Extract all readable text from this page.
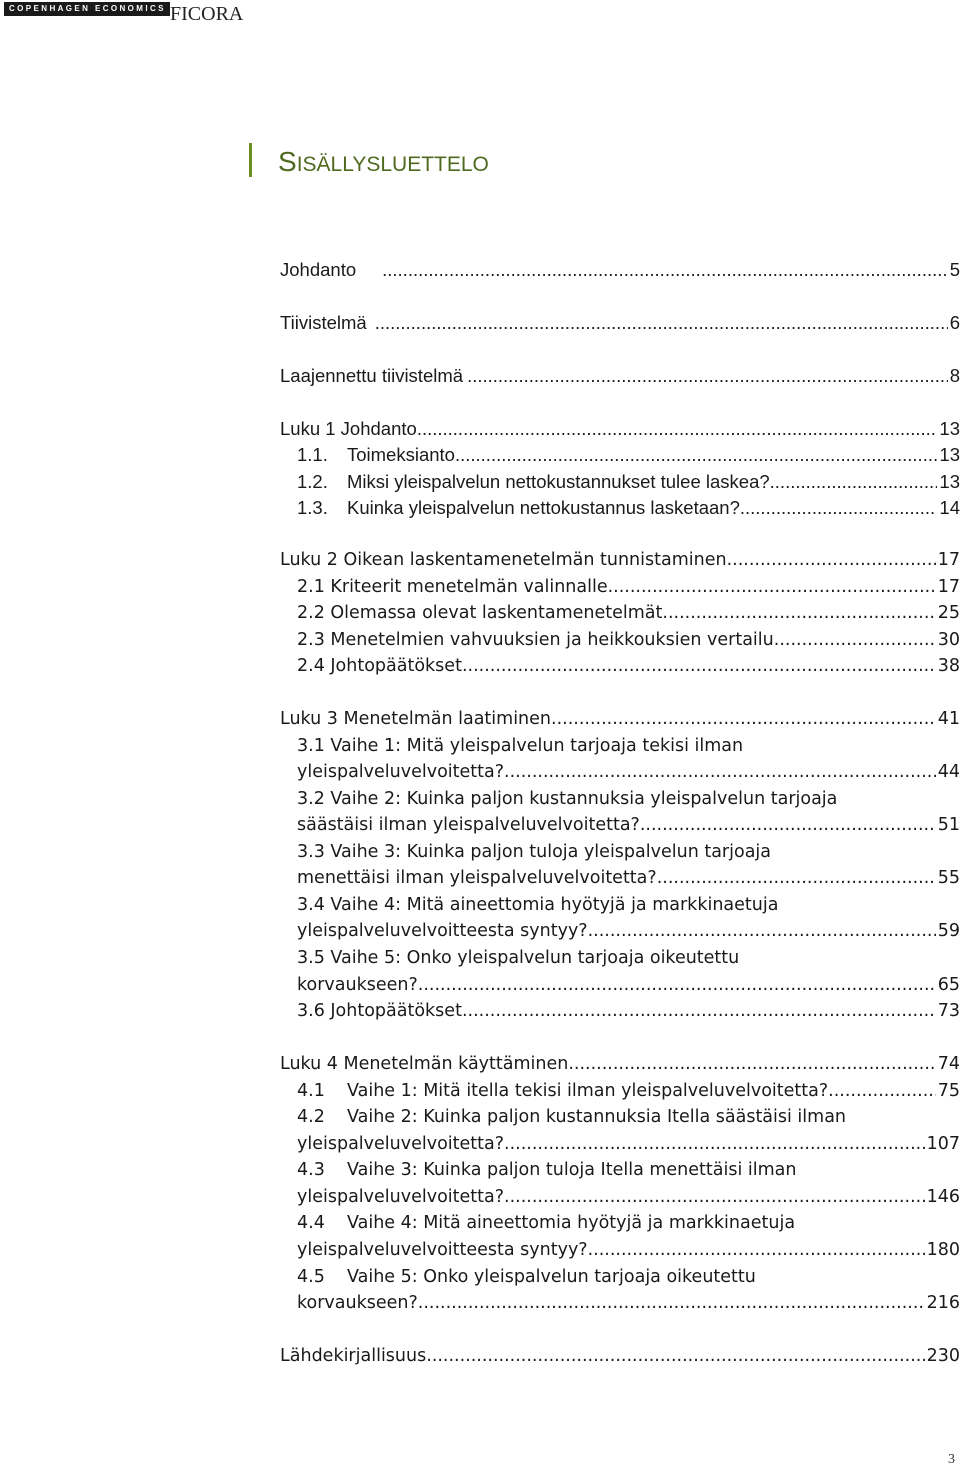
COPENHAGEN ECONOMICS FICORA
SISÄLLYSLUETTELO
Johdanto .....	5
Tiivistelmä .....	6
Laajennettu tiivistelmä .....	8
Luku 1 Johdanto .....	13
1.1.	Toimeksianto .....	13
1.2.	Miksi yleispalvelun nettokustannukset tulee laskea? .....	13
1.3.	Kuinka yleispalvelun nettokustannus lasketaan? .....	14
Luku 2 Oikean laskentamenetelmän tunnistaminen .....	17
2.1 Kriteerit menetelmän valinnalle .....	17
2.2 Olemassa olevat laskentamenetelmät .....	25
2.3 Menetelmien vahvuuksien ja heikkouksien vertailu .....	30
2.4 Johtopäätökset .....	38
Luku 3 Menetelmän laatiminen .....	41
3.1 Vaihe 1: Mitä yleispalvelun tarjoaja tekisi ilman
yleispalveluvelvoitetta? .....	44
3.2 Vaihe 2: Kuinka paljon kustannuksia yleispalvelun tarjoaja
säästäisi ilman yleispalveluvelvoitetta? .....	51
3.3 Vaihe 3: Kuinka paljon tuloja yleispalvelun tarjoaja
menettäisi ilman yleispalveluvelvoitetta? .....	55
3.4 Vaihe 4: Mitä aineettomia hyötyjä ja markkinaetuja
yleispalveluvelvoitteesta syntyy? .....	59
3.5 Vaihe 5: Onko yleispalvelun tarjoaja oikeutettu
korvaukseen? .....	65
3.6 Johtopäätökset .....	73
Luku 4 Menetelmän käyttäminen .....	74
4.1	Vaihe 1: Mitä itella tekisi ilman yleispalveluvelvoitetta? .....	75
4.2 Vaihe 2: Kuinka paljon kustannuksia Itella säästäisi ilman
yleispalveluvelvoitetta? .....	107
4.3 Vaihe 3: Kuinka paljon tuloja Itella menettäisi ilman
yleispalveluvelvoitetta? .....	146
4.4 Vaihe 4: Mitä aineettomia hyötyjä ja markkinaetuja
yleispalveluvelvoitteesta syntyy? .....	180
4.5 Vaihe 5: Onko yleispalvelun tarjoaja oikeutettu
korvaukseen? .....	216
Lähdekirjallisuus .....	230
3
